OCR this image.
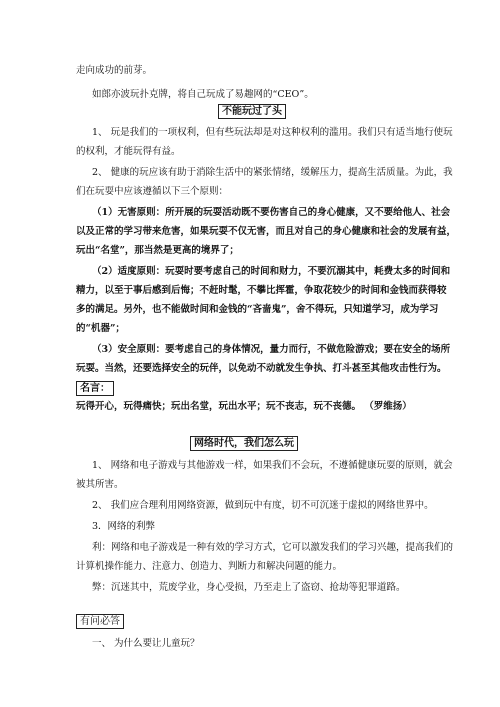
走向成功的前芽。
如郎亦波玩扑克牌，将自己玩成了易趣网的“CEO”。
不能玩过了头
1、 玩是我们的一项权利，但有些玩法却是对这种权利的滥用。我们只有适当地行使玩
的权利，才能玩得有益。
2、 健康的玩应该有助于消除生活中的紧张情绪，缓解压力，提高生活质量。为此，我
们在玩耍中应该遵循以下三个原则：
（1）无害原则：所开展的玩耍活动既不要伤害自己的身心健康，又不要给他人、社会
以及正常的学习带来危害，如果玩耍不仅无害，而且对自己的身心健康和社会的发展有益，
玩出“名堂”，那当然是更高的境界了；
（2）适度原则：玩耍时要考虑自己的时间和财力，不要沉溺其中，耗费太多的时间和
精力，以至于事后感到后悔；不赶时髦，不攀比挥霍，争取花较少的时间和金钱而获得较
多的满足。另外，也不能做时间和金钱的“吝啬鬼”，舍不得玩，只知道学习，成为学习
的“机器”；
（3）安全原则：要考虑自己的身体情况，量力而行，不做危险游戏；要在安全的场所
玩耍。当然，还要选择安全的玩伴，以免动不动就发生争执、打斗甚至其他攻击性行为。
名言：
玩得开心，玩得痛快；玩出名堂，玩出水平；玩不丧志，玩不丧德。 （罗维扬）
网络时代，我们怎么玩
1、 网络和电子游戏与其他游戏一样，如果我们不会玩，不遵循健康玩耍的原则，就会
被其所害。
2、 我们应合理利用网络资源，做到玩中有度，切不可沉迷于虚拟的网络世界中。
3．网络的利弊
利：网络和电子游戏是一种有效的学习方式，它可以激发我们的学习兴趣，提高我们的
计算机操作能力、注意力、创造力、判断力和解决问题的能力。
弊：沉迷其中，荒废学业，身心受损，乃至走上了盗窃、抢劫等犯罪道路。
有问必答
一、 为什么要让儿童玩？
